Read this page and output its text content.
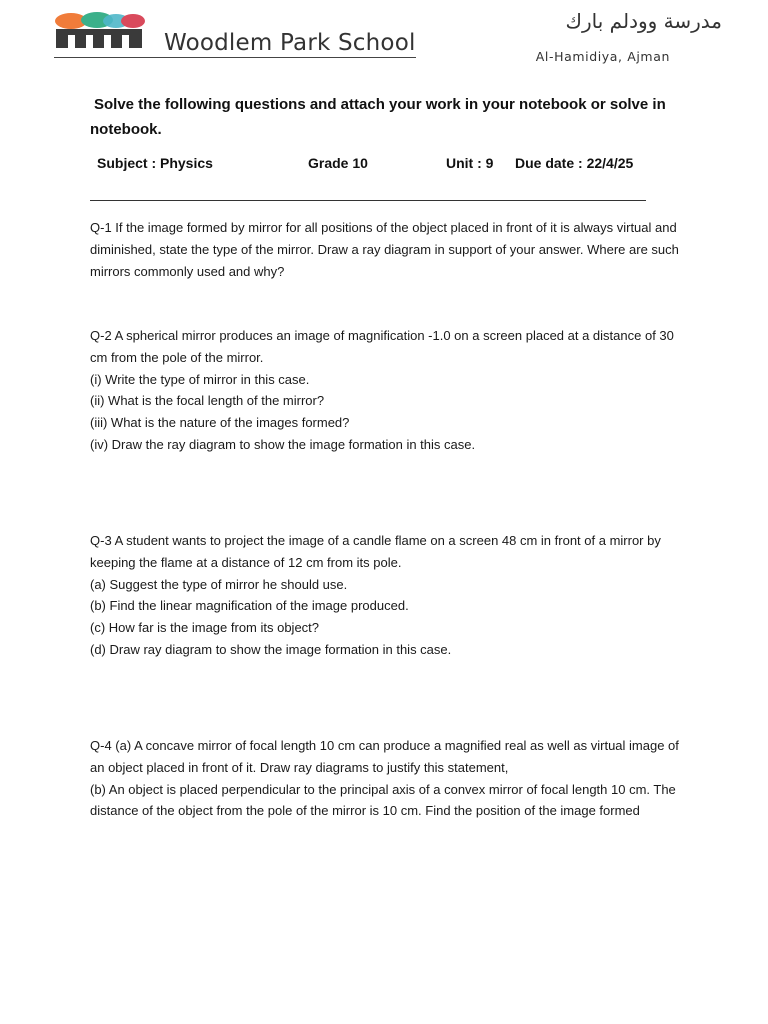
مدرسة وودلم بارك
Woodlem Park School
Al-Hamidiya, Ajman
Solve the following questions and attach your work in your notebook or solve in notebook.
Subject : Physics	Grade 10	Unit : 9 Due date : 22/4/25

Q-1 If the image formed by mirror for all positions of the object placed in front of it is always virtual and diminished, state the type of the mirror. Draw a ray diagram in support of your answer. Where are such mirrors commonly used and why?

Q-2 A spherical mirror produces an image of magnification -1.0 on a screen placed at a distance of 30 cm from the pole of the mirror.

(i) Write the type of mirror in this case.

(ii) What is the focal length of the mirror?

(iii) What is the nature of the images formed?

(iv) Draw the ray diagram to show the image formation in this case.

Q-3 A student wants to project the image of a candle flame on a screen 48 cm in front of a mirror by keeping the flame at a distance of 12 cm from its pole.

(a) Suggest the type of mirror he should use.

(b) Find the linear magnification of the image produced.

(c) How far is the image from its object?

(d) Draw ray diagram to show the image formation in this case.

Q-4 (a) A concave mirror of focal length 10 cm can produce a magnified real as well as virtual image of an object placed in front of it. Draw ray diagrams to justify this statement,

(b) An object is placed perpendicular to the principal axis of a convex mirror of focal length 10 cm. The distance of the object from the pole of the mirror is 10 cm. Find the position of the image formed
